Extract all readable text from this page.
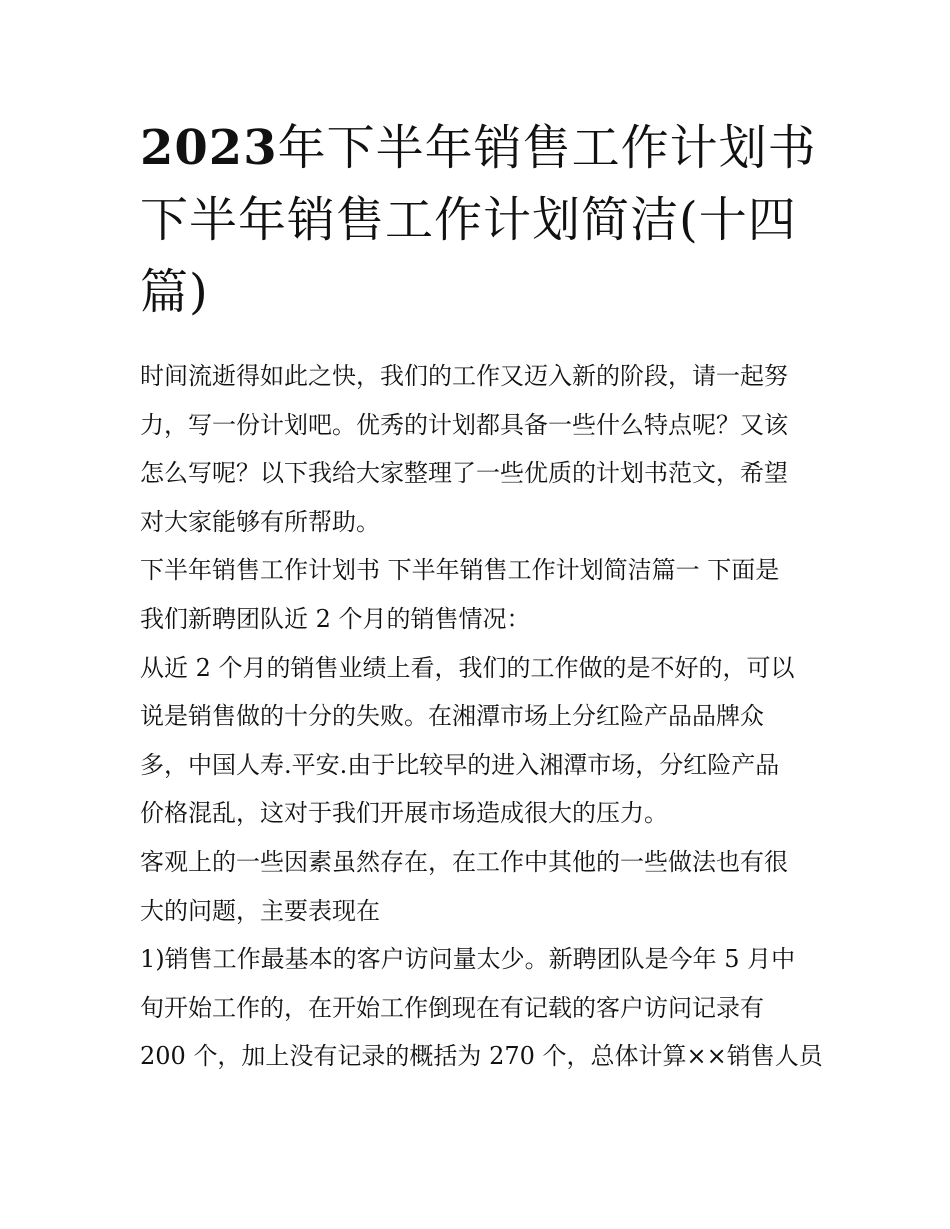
2023年下半年销售工作计划书
下半年销售工作计划简洁(十四
篇)
时间流逝得如此之快，我们的工作又迈入新的阶段，请一起努
力，写一份计划吧。优秀的计划都具备一些什么特点呢？又该
怎么写呢？以下我给大家整理了一些优质的计划书范文，希望
对大家能够有所帮助。
下半年销售工作计划书 下半年销售工作计划简洁篇一 下面是
我们新聘团队近 2 个月的销售情况：
从近 2 个月的销售业绩上看，我们的工作做的是不好的，可以
说是销售做的十分的失败。在湘潭市场上分红险产品品牌众
多，中国人寿.平安.由于比较早的进入湘潭市场，分红险产品
价格混乱，这对于我们开展市场造成很大的压力。
客观上的一些因素虽然存在，在工作中其他的一些做法也有很
大的问题，主要表现在
1)销售工作最基本的客户访问量太少。新聘团队是今年 5 月中
旬开始工作的，在开始工作倒现在有记载的客户访问记录有
200 个，加上没有记录的概括为 270 个，总体计算××销售人员
